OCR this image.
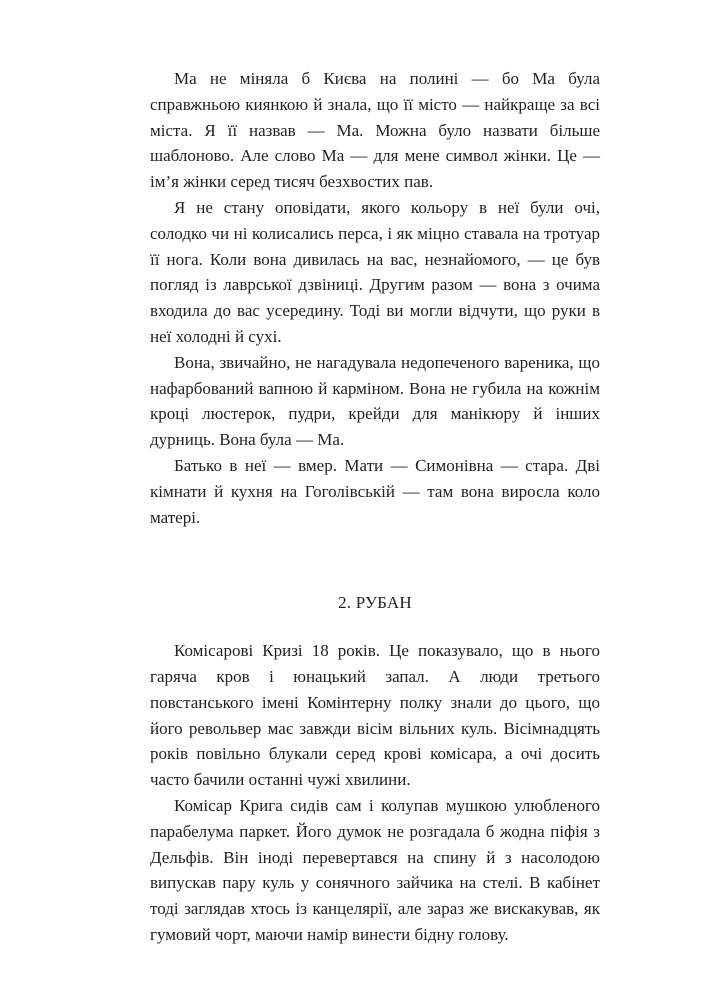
Ма не міняла б Києва на полині — бо Ма була справжньою киянкою й знала, що її місто — найкраще за всі міста. Я її назвав — Ма. Можна було назвати більше шаблоново. Але слово Ма — для мене символ жінки. Це — ім’я жінки серед тисяч безхвостих пав.

Я не стану оповідати, якого кольору в неї були очі, солодко чи ні колисались перса, і як міцно ставала на тротуар її нога. Коли вона дивилась на вас, незнайомого, — це був погляд із лаврської дзвіниці. Другим разом — вона з очима входила до вас усередину. Тоді ви могли відчути, що руки в неї холодні й сухі.

Вона, звичайно, не нагадувала недопеченого вареника, що нафарбований вапною й карміном. Вона не губила на кожнім кроці люстерок, пудри, крейди для манікюру й інших дурниць. Вона була — Ма.

Батько в неї — вмер. Мати — Симонівна — стара. Дві кімнати й кухня на Гоголівській — там вона виросла коло матері.

2. РУБАН

Комісарові Кризі 18 років. Це показувало, що в нього гаряча кров і юнацький запал. А люди третього повстанського імені Комінтерну полку знали до цього, що його револьвер має завжди вісім вільних куль. Вісімнадцять років повільно блукали серед крові комісара, а очі досить часто бачили останні чужі хвилини.

Комісар Крига сидів сам і колупав мушкою улюбленого парабелума паркет. Його думок не розгадала б жодна піфія з Дельфів. Він іноді перевертався на спину й з насолодою випускав пару куль у сонячного зайчика на стелі. В кабінет тоді заглядав хтось із канцелярії, але зараз же вискакував, як гумовий чорт, маючи намір винести бідну голову.
